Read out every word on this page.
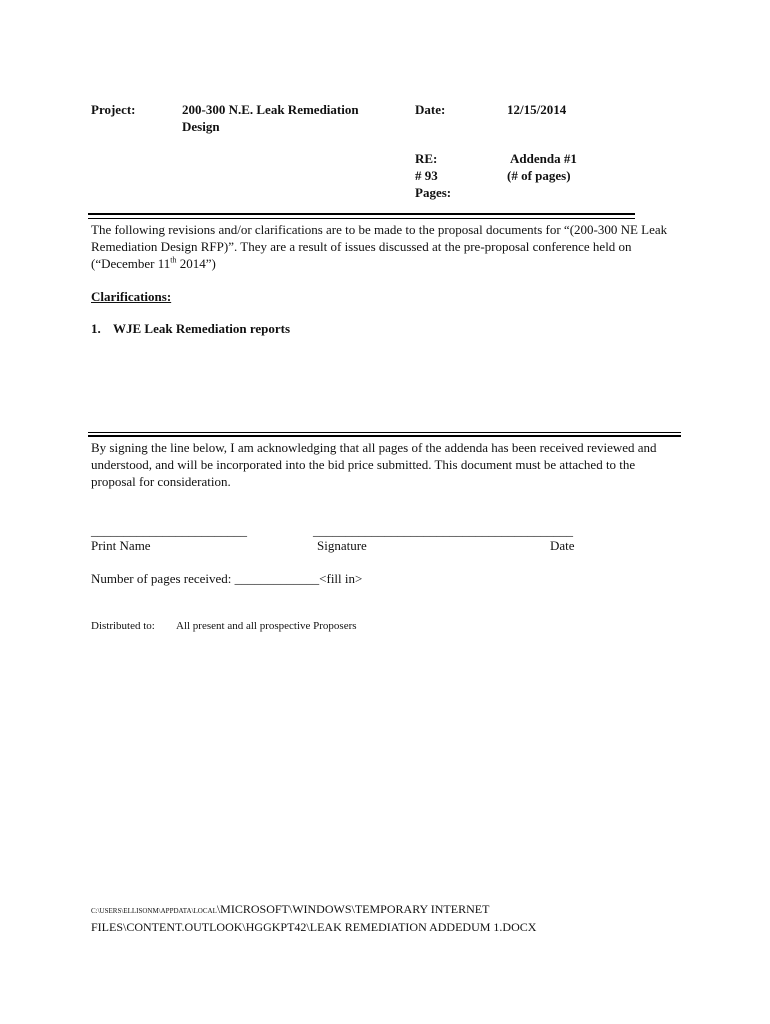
Project:	200-300 N.E. Leak Remediation Design
Date:	12/15/2014
RE:	Addenda #1
# 93	(# of pages)
Pages:
The following revisions and/or clarifications are to be made to the proposal documents for “(200-300 NE Leak Remediation Design RFP)”. They are a result of issues discussed at the pre-proposal conference held on (“December 11th 2014”)
Clarifications:
1. WJE Leak Remediation reports
By signing the line below, I am acknowledging that all pages of the addenda has been received reviewed and understood, and will be incorporated into the bid price submitted. This document must be attached to the proposal for consideration.
________________________	________________________________________
Print Name	Signature	Date
Number of pages received: _____________<fill in>
Distributed to: All present and all prospective Proposers
C:\USERS\ELLISONM\APPDATA\LOCAL\MICROSOFT\WINDOWS\TEMPORARY INTERNET
FILES\CONTENT.OUTLOOK\HGGKPT42\LEAK REMEDIATION ADDEDUM 1.DOCX
